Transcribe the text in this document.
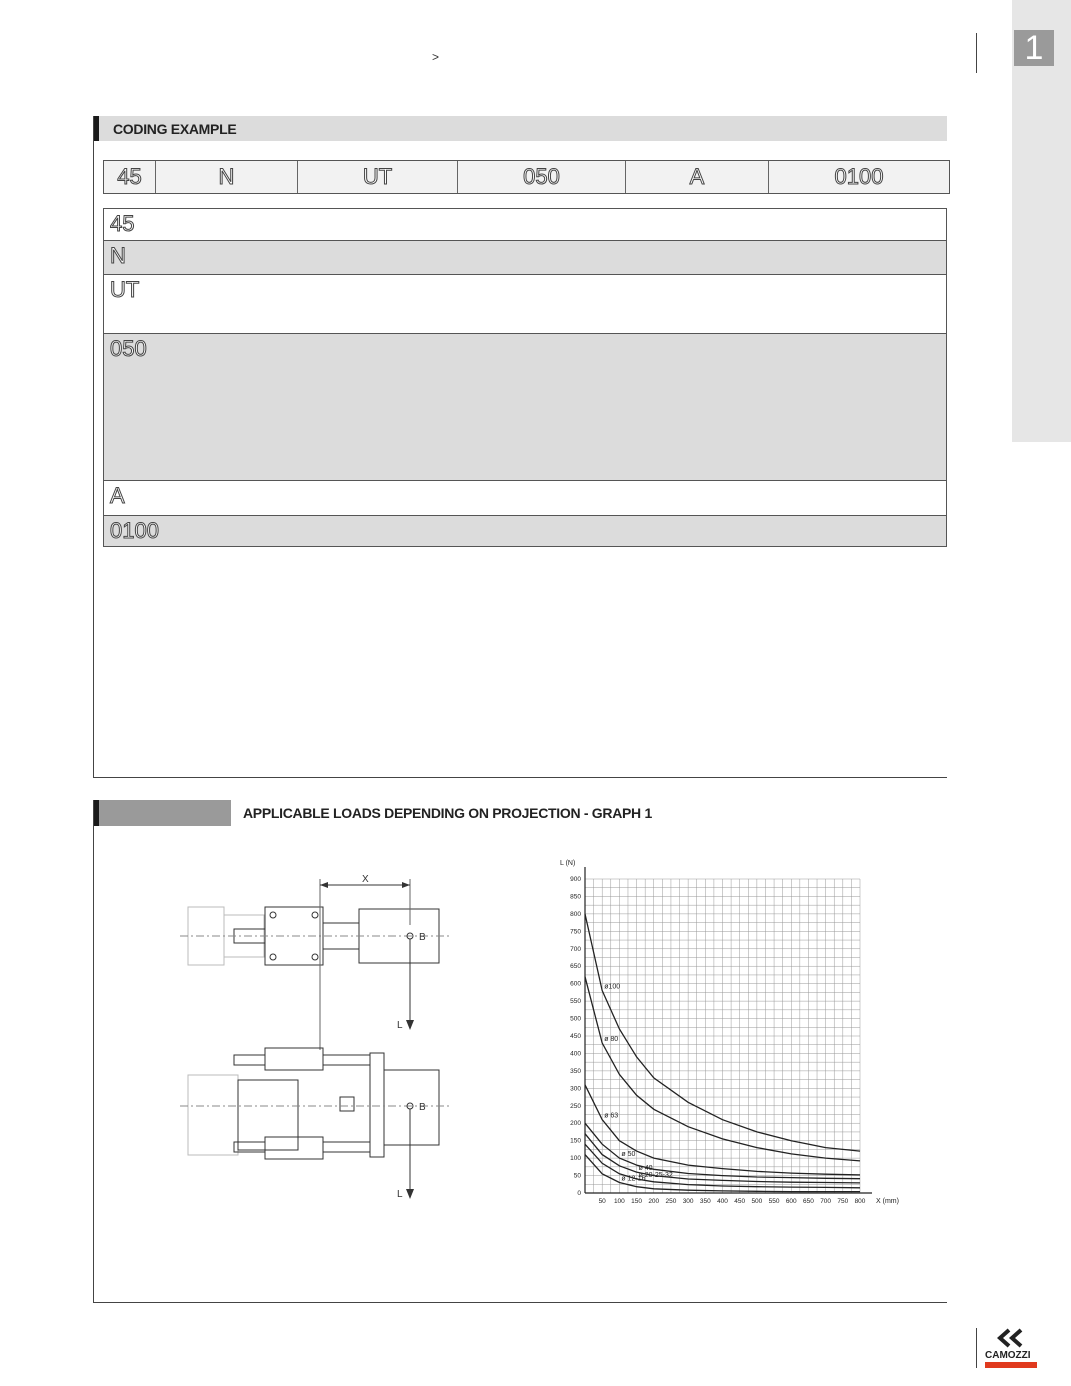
>	1
CODING EXAMPLE
45	N	UT	050	A	0100
45
N
UT
050
A
0100
APPLICABLE LOADS DEPENDING ON PROJECTION - GRAPH 1
X
B
B
L
L
50 100 150 200 250 300 350 400 450 500 550 600 650 700 750 800
0
50
100
150
200
250
300
350
400
450
500
550
600
650
700
750
800
850
900
X (mm)
L (N)
ø100
ø 80
ø 63
ø 50
ø 40
ø 20-25-32
ø 12-16
CAMOZZI
